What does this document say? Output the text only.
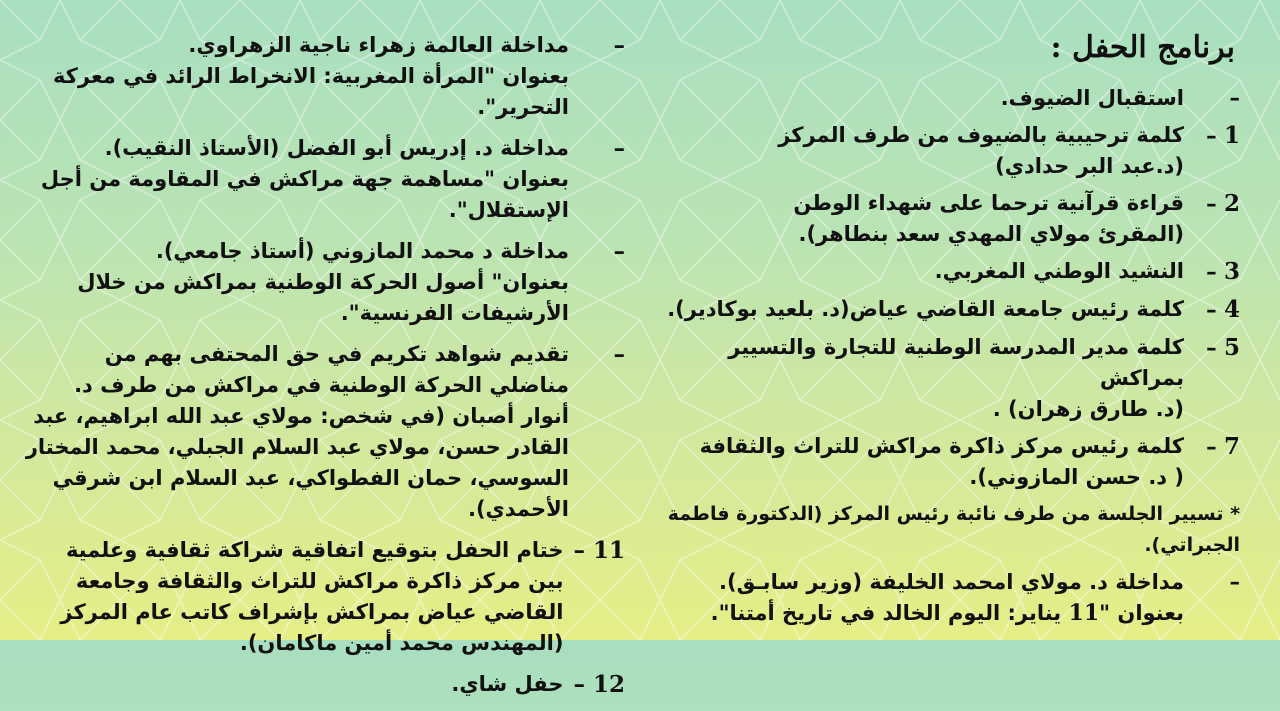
برنامج الحفل :
–
استقبال الضيوف.
1 –
كلمة ترحيبية بالضيوف من طرف المركز
(د.عبد البر حدادي)
2 –
قراءة قرآنية ترحما على شهداء الوطن
(المقرئ مولاي المهدي سعد بنطاهر).
3 –
النشيد الوطني المغربي.
4 –
كلمة رئيس جامعة القاضي عياض(د. بلعيد بوكادير).
5 –
كلمة مدير المدرسة الوطنية للتجارة والتسيير بمراكش
(د. طارق زهران) .
7 –
كلمة رئيس مركز ذاكرة مراكش للتراث والثقافة
( د. حسن المازوني).
* تسيير الجلسة من طرف نائبة رئيس المركز (الدكتورة فاطمة الجبراتي).
–
مداخلة د. مولاي امحمد الخليفة (وزير سابـق).
بعنوان "11 يناير: اليوم الخالد في تاريخ أمتنا".
–
مداخلة العالمة زهراء ناجية الزهراوي.
بعنوان "المرأة المغربية: الانخراط الرائد في معركة التحرير".
–
مداخلة د. إدريس أبو الفضل (الأستاذ النقيب).
بعنوان "مساهمة جهة مراكش في المقاومة من أجل الإستقلال".
–
مداخلة د محمد المازوني (أستاذ جامعي).
بعنوان" أصول الحركة الوطنية بمراكش من خلال الأرشيفات الفرنسية".
–
تقديم شواهد تكريم في حق المحتفى بهم من مناضلي الحركة الوطنية في مراكش من طرف د. أنوار أصبان (في شخص: مولاي عبد الله ابراهيم، عبد القادر حسن، مولاي عبد السلام الجبلي، محمد المختار السوسي، حمان الفطواكي، عبد السلام ابن شرقي الأحمدي).
11 –
ختام الحفل بتوقيع اتفاقية شراكة ثقافية وعلمية بين مركز ذاكرة مراكش للتراث والثقافة وجامعة القاضي عياض بمراكش بإشراف كاتب عام المركز (المهندس محمد أمين ماكامان).
12 –
حفل شاي.
